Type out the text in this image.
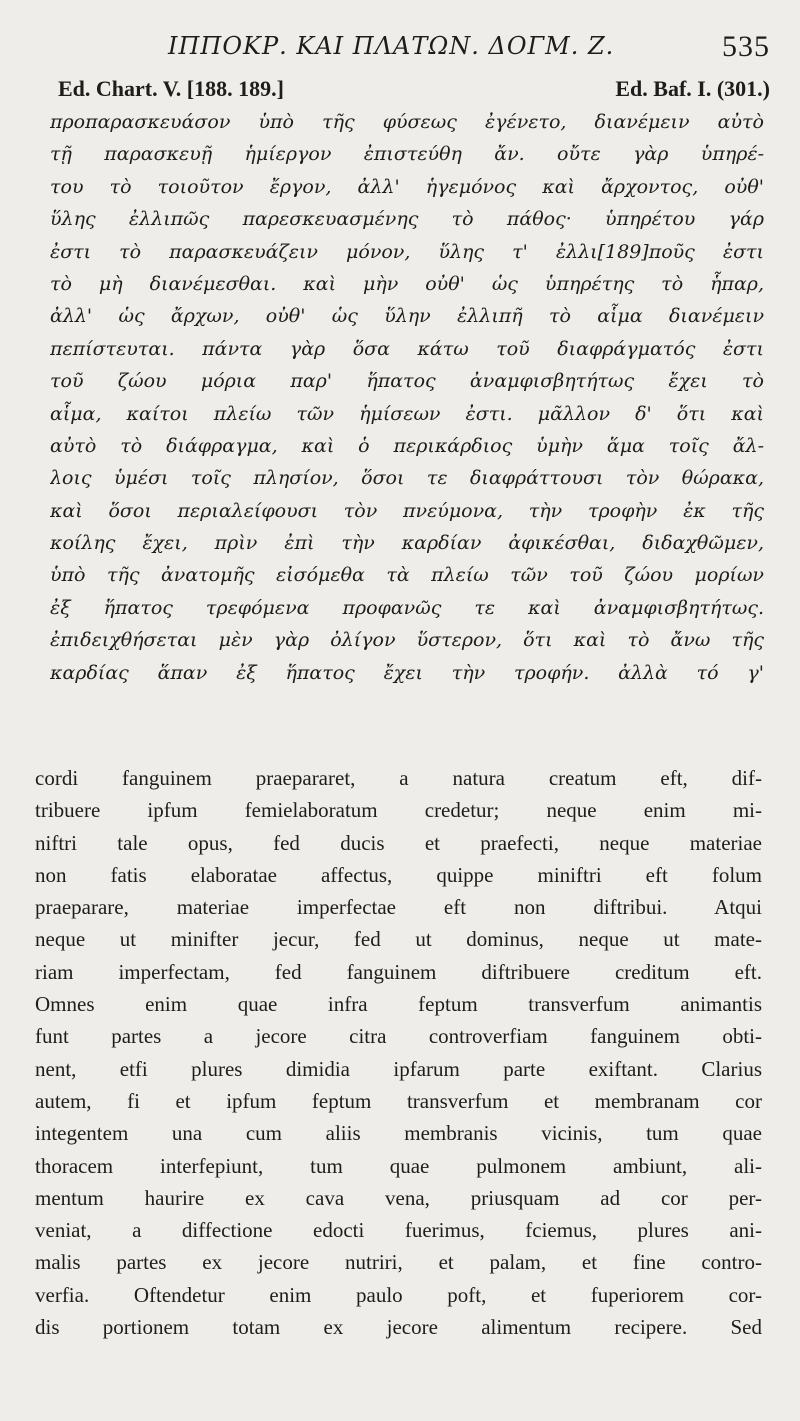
ΙΠΠΟΚΡ. ΚΑΙ ΠΛΑΤΩΝ. ΔΟΓΜ. Ζ.	535
Ed. Chart. V. [188. 189.]	Ed. Baf. I. (301.)
προπαρασκευάσον ὑπὸ τῆς φύσεως ἐγένετο, διανέμειν αὐτὸ
τῇ παρασκευῇ ἡμίεργον ἐπιστεύθη ἄν. οὔτε γὰρ ὑπηρέ-
του τὸ τοιοῦτον ἔργον, ἀλλ' ἡγεμόνος καὶ ἄρχοντος, οὐθ'
ὕλης ἐλλιπῶς παρεσκευασμένης τὸ πάθος· ὑπηρέτου γάρ
ἐστι τὸ παρασκευάζειν μόνον, ὕλης τ' ἐλλι[189]ποῦς ἐστι
τὸ μὴ διανέμεσθαι. καὶ μὴν οὐθ' ὡς ὑπηρέτης τὸ ἧπαρ,
ἀλλ' ὡς ἄρχων, οὐθ' ὡς ὕλην ἐλλιπῆ τὸ αἷμα διανέμειν
πεπίστευται. πάντα γὰρ ὅσα κάτω τοῦ διαφράγματός ἐστι
τοῦ ζώου μόρια παρ' ἥπατος ἀναμφισβητήτως ἔχει τὸ
αἷμα, καίτοι πλείω τῶν ἡμίσεων ἐστι. μᾶλλον δ' ὅτι καὶ
αὐτὸ τὸ διάφραγμα, καὶ ὁ περικάρδιος ὑμὴν ἅμα τοῖς ἄλ-
λοις ὑμέσι τοῖς πλησίον, ὅσοι τε διαφράττουσι τὸν θώρακα,
καὶ ὅσοι περιαλείφουσι τὸν πνεύμονα, τὴν τροφὴν ἐκ τῆς
κοίλης ἔχει, πρὶν ἐπὶ τὴν καρδίαν ἀφικέσθαι, διδαχθῶμεν,
ὑπὸ τῆς ἀνατομῆς εἰσόμεθα τὰ πλείω τῶν τοῦ ζώου μορίων
ἐξ ἥπατος τρεφόμενα προφανῶς τε καὶ ἀναμφισβητήτως.
ἐπιδειχθήσεται μὲν γὰρ ὀλίγον ὕστερον, ὅτι καὶ τὸ ἄνω τῆς
καρδίας ἅπαν ἐξ ἥπατος ἔχει τὴν τροφήν. ἀλλὰ τό γ'
cordi fanguinem praepararet, a natura creatum eft, dif-
tribuere ipfum femielaboratum credetur; neque enim mi-
niftri tale opus, fed ducis et praefecti, neque materiae
non fatis elaboratae affectus, quippe miniftri eft folum
praeparare, materiae imperfectae eft non diftribui. Atqui
neque ut minifter jecur, fed ut dominus, neque ut mate-
riam imperfectam, fed fanguinem diftribuere creditum eft.
Omnes enim quae infra feptum transverfum animantis
funt partes a jecore citra controverfiam fanguinem obti-
nent, etfi plures dimidia ipfarum parte exiftant. Clarius
autem, fi et ipfum feptum transverfum et membranam cor
integentem una cum aliis membranis vicinis, tum quae
thoracem interfepiunt, tum quae pulmonem ambiunt, ali-
mentum haurire ex cava vena, priusquam ad cor per-
veniat, a diffectione edocti fuerimus, fciemus, plures ani-
malis partes ex jecore nutriri, et palam, et fine contro-
verfia. Oftendetur enim paulo poft, et fuperiorem cor-
dis portionem totam ex jecore alimentum recipere. Sed
